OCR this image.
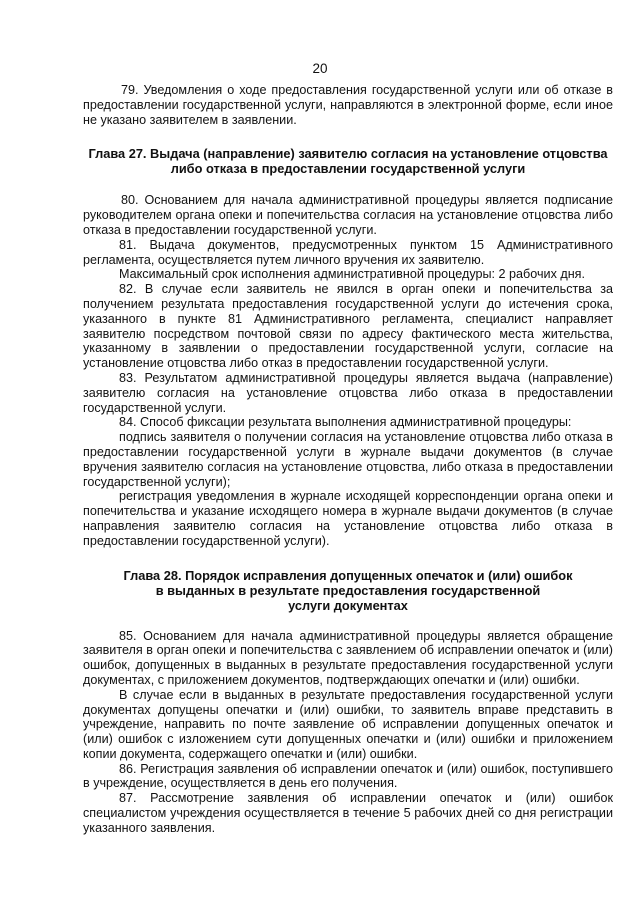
20

79. Уведомления о ходе предоставления государственной услуги или об отказе в предоставлении государственной услуги, направляются в электронной форме, если иное не указано заявителем в заявлении.

Глава 27. Выдача (направление) заявителю согласия на установление отцовства
либо отказа в предоставлении государственной услуги

80. Основанием для начала административной процедуры является подписание руководителем органа опеки и попечительства согласия на установление отцовства либо отказа в предоставлении государственной услуги.

81. Выдача документов, предусмотренных пунктом 15 Административного регламента, осуществляется путем личного вручения их заявителю.

Максимальный срок исполнения административной процедуры: 2 рабочих дня.

82. В случае если заявитель не явился в орган опеки и попечительства за получением результата предоставления государственной услуги до истечения срока, указанного в пункте 81 Административного регламента, специалист направляет заявителю посредством почтовой связи по адресу фактического места жительства, указанному в заявлении о предоставлении государственной услуги, согласие на установление отцовства либо отказ в предоставлении государственной услуги.

83. Результатом административной процедуры является выдача (направление) заявителю согласия на установление отцовства либо отказа в предоставлении государственной услуги.

84. Способ фиксации результата выполнения административной процедуры:

подпись заявителя о получении согласия на установление отцовства либо отказа в предоставлении государственной услуги в журнале выдачи документов (в случае вручения заявителю согласия на установление отцовства, либо отказа в предоставлении государственной услуги);

регистрация уведомления в журнале исходящей корреспонденции органа опеки и попечительства и указание исходящего номера в журнале выдачи документов (в случае направления заявителю согласия на установление отцовства либо отказа в предоставлении государственной услуги).

Глава 28. Порядок исправления допущенных опечаток и (или) ошибок
в выданных в результате предоставления государственной
услуги документах

85. Основанием для начала административной процедуры является обращение заявителя в орган опеки и попечительства с заявлением об исправлении опечаток и (или) ошибок, допущенных в выданных в результате предоставления государственной услуги документах, с приложением документов, подтверждающих опечатки и (или) ошибки.

В случае если в выданных в результате предоставления государственной услуги документах допущены опечатки и (или) ошибки, то заявитель вправе представить в учреждение, направить по почте заявление об исправлении допущенных опечаток и (или) ошибок с изложением сути допущенных опечатки и (или) ошибки и приложением копии документа, содержащего опечатки и (или) ошибки.

86. Регистрация заявления об исправлении опечаток и (или) ошибок, поступившего в учреждение, осуществляется в день его получения.

87. Рассмотрение заявления об исправлении опечаток и (или) ошибок специалистом учреждения осуществляется в течение 5 рабочих дней со дня регистрации указанного заявления.
